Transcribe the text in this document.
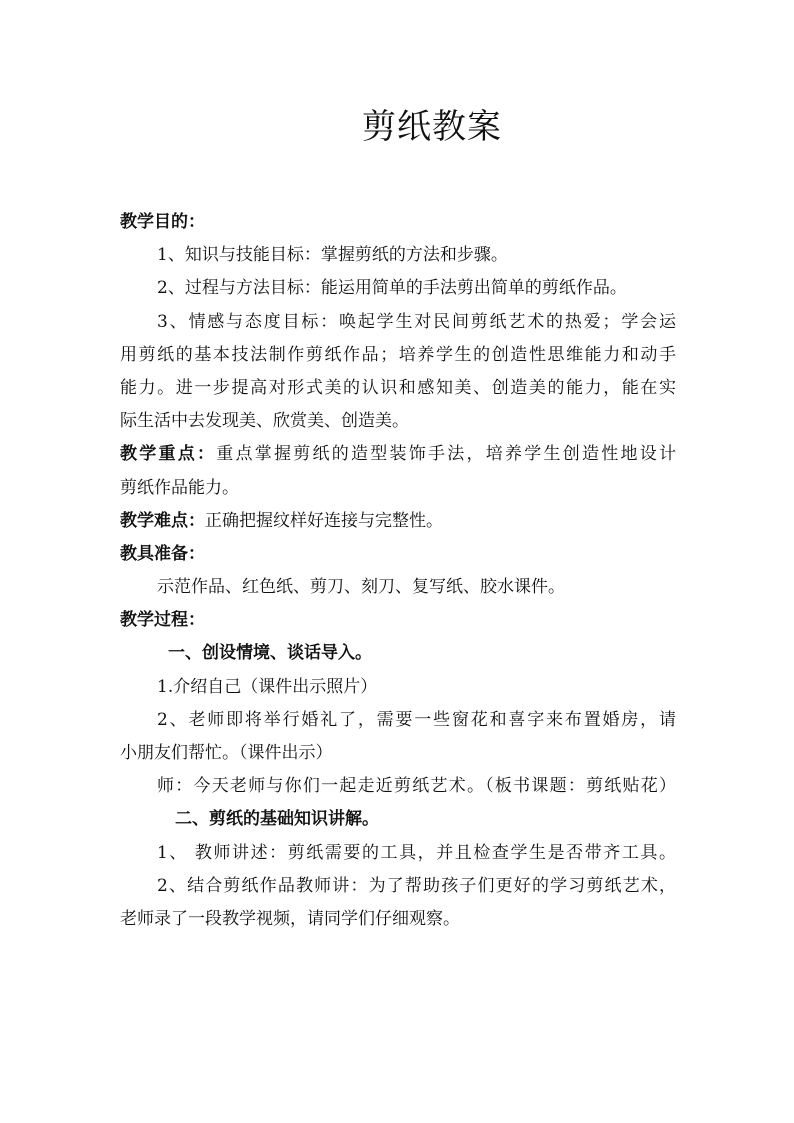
剪纸教案
教学目的：
1、知识与技能目标：掌握剪纸的方法和步骤。
2、过程与方法目标：能运用简单的手法剪出简单的剪纸作品。
3、情感与态度目标：唤起学生对民间剪纸艺术的热爱；学会运
用剪纸的基本技法制作剪纸作品；培养学生的创造性思维能力和动手
能力。进一步提高对形式美的认识和感知美、创造美的能力，能在实
际生活中去发现美、欣赏美、创造美。
教学重点：重点掌握剪纸的造型装饰手法，培养学生创造性地设计
剪纸作品能力。
教学难点：正确把握纹样好连接与完整性。
教具准备：
示范作品、红色纸、剪刀、刻刀、复写纸、胶水课件。
教学过程：
一、创设情境、谈话导入。
1.介绍自己（课件出示照片）
2、老师即将举行婚礼了，需要一些窗花和喜字来布置婚房，请
小朋友们帮忙。（课件出示）
师：今天老师与你们一起走近剪纸艺术。（板书课题：剪纸贴花）
二、剪纸的基础知识讲解。
1、 教师讲述：剪纸需要的工具，并且检查学生是否带齐工具。
2、结合剪纸作品教师讲：为了帮助孩子们更好的学习剪纸艺术，
老师录了一段教学视频，请同学们仔细观察。
